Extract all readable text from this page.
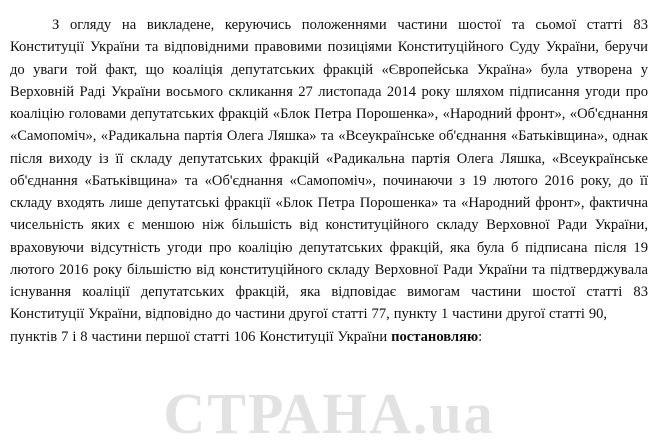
З огляду на викладене, керуючись положеннями частини шостої та сьомої статті 83 Конституції України та відповідними правовими позиціями Конституційного Суду України, беручи до уваги той факт, що коаліція депутатських фракцій «Європейська Україна» була утворена у Верховній Раді України восьмого скликання 27 листопада 2014 року шляхом підписання угоди про коаліцію головами депутатських фракцій «Блок Петра Порошенка», «Народний фронт», «Об'єднання «Самопоміч», «Радикальна партія Олега Ляшка» та «Всеукраїнське об'єднання «Батьківщина», однак після виходу із її складу депутатських фракцій «Радикальна партія Олега Ляшка, «Всеукраїнське об'єднання «Батьківщина» та «Об'єднання «Самопоміч», починаючи з 19 лютого 2016 року, до її складу входять лише депутатські фракції «Блок Петра Порошенка» та «Народний фронт», фактична чисельність яких є меншою ніж більшість від конституційного складу Верховної Ради України, враховуючи відсутність угоди про коаліцію депутатських фракцій, яка була б підписана після 19 лютого 2016 року більшістю від конституційного складу Верховної Ради України та підтверджувала існування коаліції депутатських фракцій, яка відповідає вимогам частини шостої статті 83 Конституції України, відповідно до частини другої статті 77, пункту 1 частини другої статті 90,

пунктів 7 і 8 частини першої статті 106 Конституції України постановляю:

СТРАНА.ua
